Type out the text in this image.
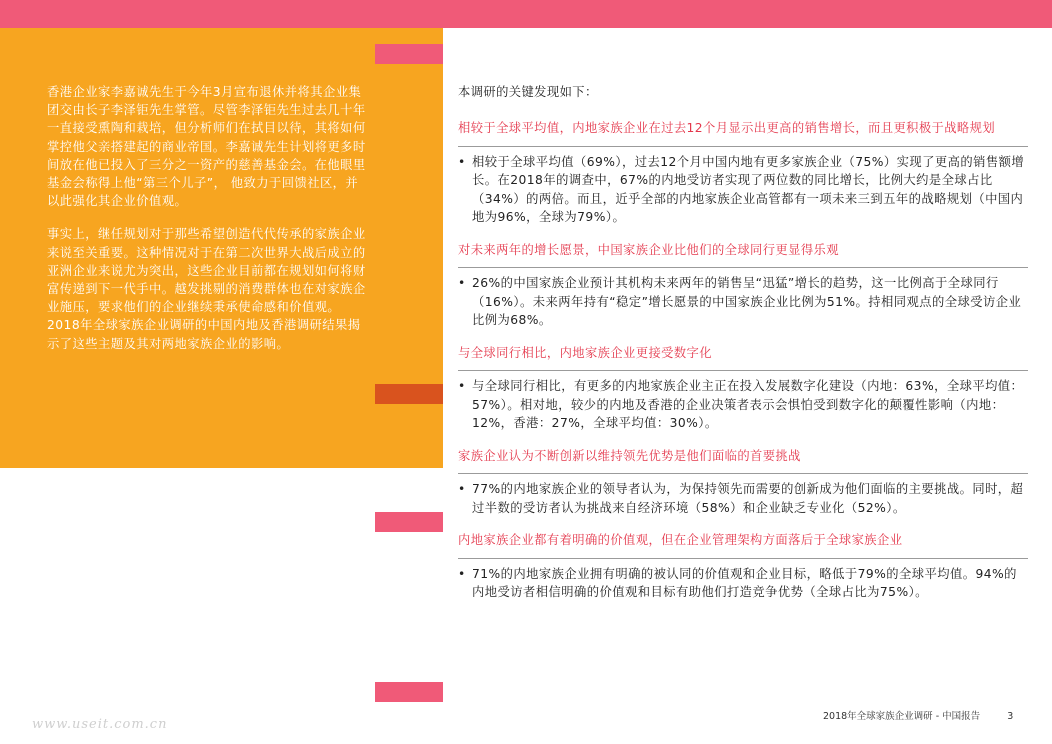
香港企业家李嘉诚先生于今年3月宣布退休并将其企业集团交由长子李泽钜先生掌管。尽管李泽钜先生过去几十年一直接受熏陶和栽培，但分析师们在拭目以待，其将如何掌控他父亲搭建起的商业帝国。李嘉诚先生计划将更多时间放在他已投入了三分之一资产的慈善基金会。在他眼里基金会称得上他“第三个儿子”， 他致力于回馈社区，并以此强化其企业价值观。

事实上，继任规划对于那些希望创造代代传承的家族企业来说至关重要。这种情况对于在第二次世界大战后成立的亚洲企业来说尤为突出，这些企业目前都在规划如何将财富传递到下一代手中。越发挑剔的消费群体也在对家族企业施压，要求他们的企业继续秉承使命感和价值观。2018年全球家族企业调研的中国内地及香港调研结果揭示了这些主题及其对两地家族企业的影响。

本调研的关键发现如下：

相较于全球平均值，内地家族企业在过去12个月显示出更高的销售增长，而且更积极于战略规划

• 相较于全球平均值（69%），过去12个月中国内地有更多家族企业（75%）实现了更高的销售额增长。在2018年的调查中，67%的内地受访者实现了两位数的同比增长，比例大约是全球占比（34%）的两倍。而且，近乎全部的内地家族企业高管都有一项未来三到五年的战略规划（中国内地为96%，全球为79%）。

对未来两年的增长愿景，中国家族企业比他们的全球同行更显得乐观

• 26%的中国家族企业预计其机构未来两年的销售呈“迅猛”增长的趋势，这一比例高于全球同行（16%）。未来两年持有“稳定”增长愿景的中国家族企业比例为51%。持相同观点的全球受访企业比例为68%。

与全球同行相比，内地家族企业更接受数字化

• 与全球同行相比，有更多的内地家族企业主正在投入发展数字化建设（内地：63%，全球平均值：57%）。相对地，较少的内地及香港的企业决策者表示会惧怕受到数字化的颠覆性影响（内地：12%，香港：27%，全球平均值：30%）。

家族企业认为不断创新以维持领先优势是他们面临的首要挑战

• 77%的内地家族企业的领导者认为，为保持领先而需要的创新成为他们面临的主要挑战。同时，超过半数的受访者认为挑战来自经济环境（58%）和企业缺乏专业化（52%）。

内地家族企业都有着明确的价值观，但在企业管理架构方面落后于全球家族企业

• 71%的内地家族企业拥有明确的被认同的价值观和企业目标，略低于79%的全球平均值。94%的内地受访者相信明确的价值观和目标有助他们打造竞争优势（全球占比为75%）。
2018年全球家族企业调研 - 中国报告	3
www.useit.com.cn
